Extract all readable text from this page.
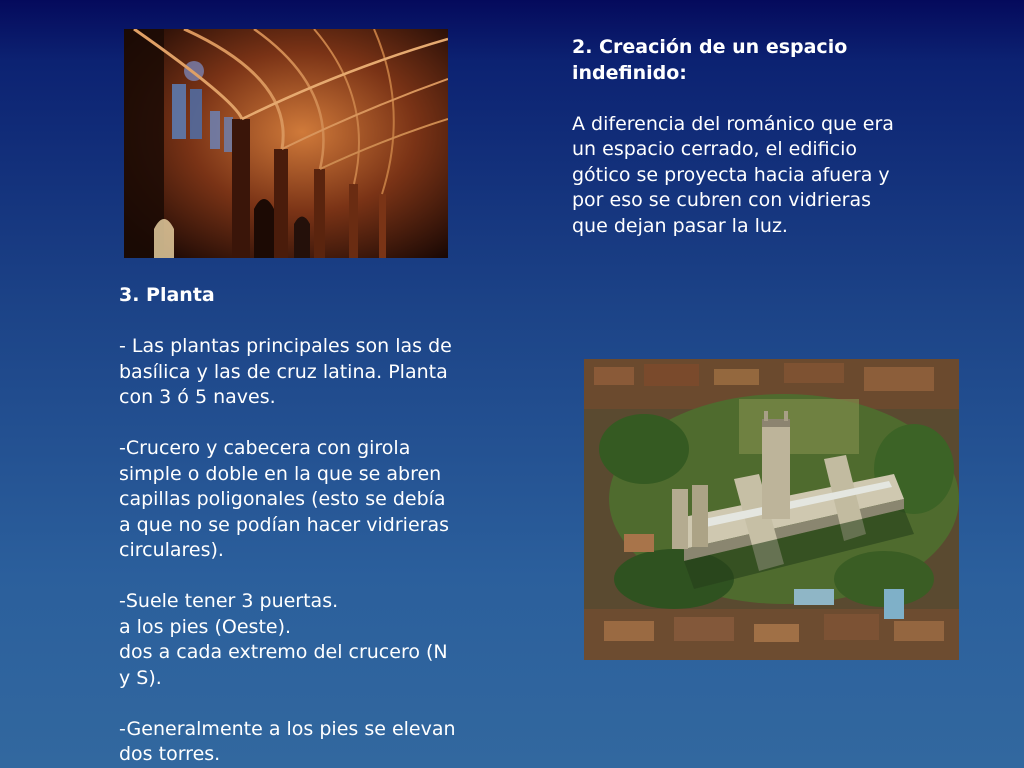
2. Creación de un espacio

indefinido:

A diferencia del románico que era

un espacio cerrado, el edificio

gótico se proyecta hacia afuera y

por eso se cubren con vidrieras

que dejan pasar la luz.

3. Planta

- Las plantas principales son las de

basílica y las de cruz latina. Planta

con 3 ó 5 naves.

-Crucero y cabecera con girola

simple o doble en la que se abren

capillas poligonales (esto se debía

a que no se podían hacer vidrieras

circulares).

-Suele tener 3 puertas.

a los pies (Oeste).

dos a cada extremo del crucero (N

y S).

-Generalmente a los pies se elevan

dos torres.
